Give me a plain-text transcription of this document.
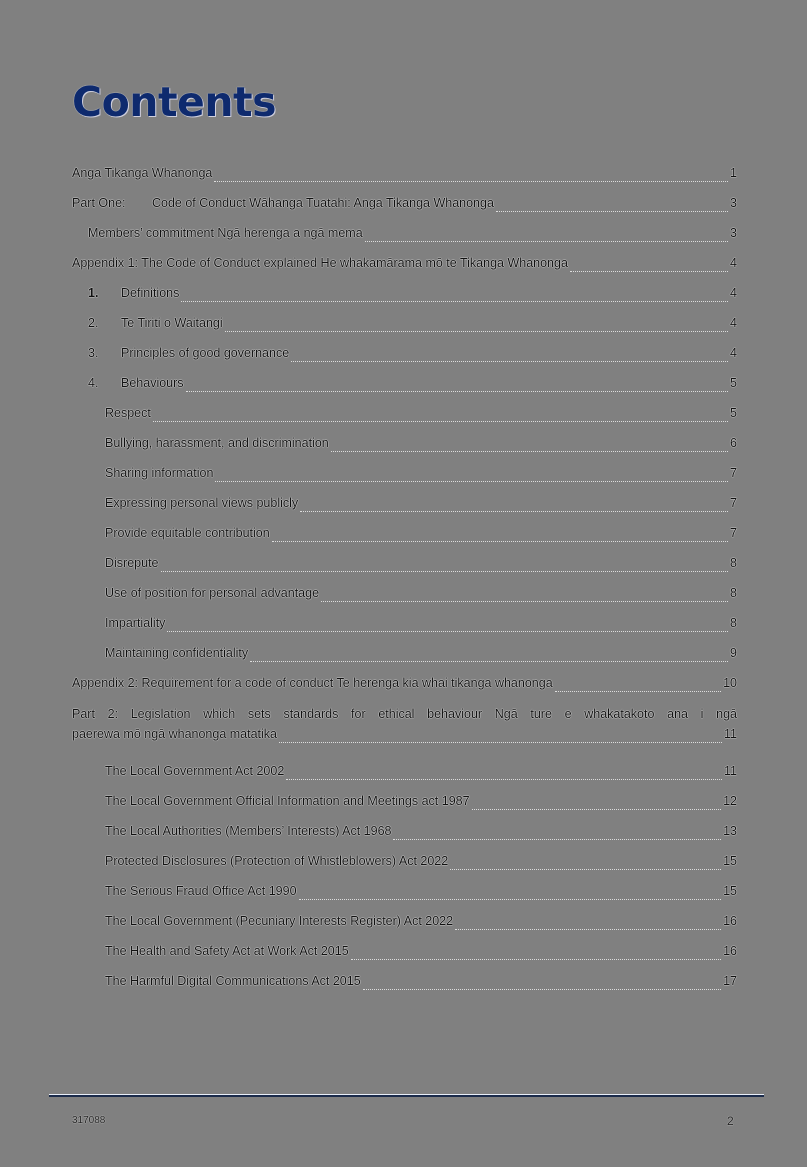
Contents
Anga Tikanga Whanonga	1
Part One:	Code of Conduct Wāhanga Tuatahi: Anga Tikanga Whanonga	3
Members’ commitment Ngā herenga a ngā mema	3
Appendix 1: The Code of Conduct explained He whakamārama mō te Tikanga Whanonga	4
1.	Definitions	4
2.	Te Tiriti o Waitangi	4
3.	Principles of good governance	4
4.	Behaviours	5
Respect	5
Bullying, harassment, and discrimination	6
Sharing information	7
Expressing personal views publicly	7
Provide equitable contribution	7
Disrepute	8
Use of position for personal advantage	8
Impartiality	8
Maintaining confidentiality	9
Appendix 2: Requirement for a code of conduct Te herenga kia whai tikanga whanonga	10
Part 2: Legislation which sets standards for ethical behaviour Ngā ture e whakatakoto ana i ngā
paerewa mō ngā whanonga matatika	11
The Local Government Act 2002	11
The Local Government Official Information and Meetings act 1987	12
The Local Authorities (Members’ Interests) Act 1968	13
Protected Disclosures (Protection of Whistleblowers) Act 2022	15
The Serious Fraud Office Act 1990	15
The Local Government (Pecuniary Interests Register) Act 2022	16
The Health and Safety Act at Work Act 2015	16
The Harmful Digital Communications Act 2015	17
317088	2
